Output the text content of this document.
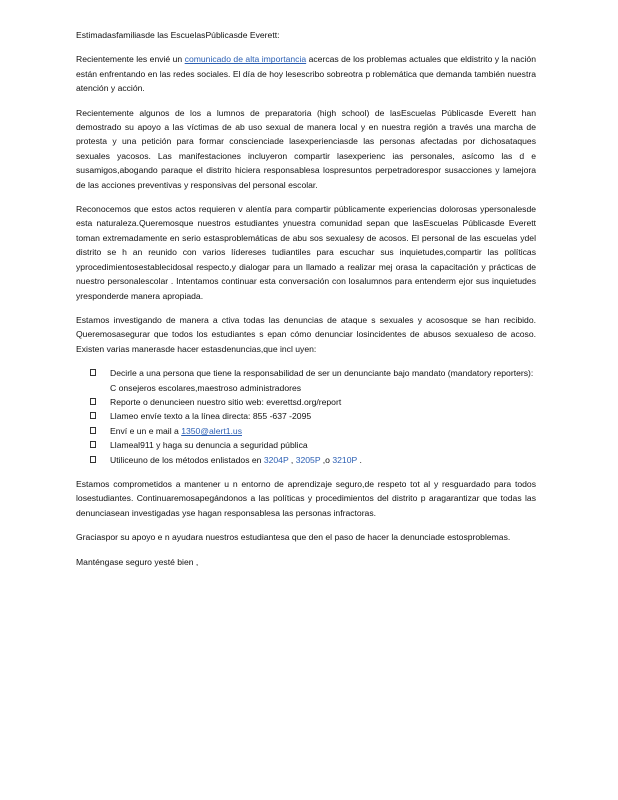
Estimadasfamiliasde las EscuelasPúblicasde Everett:

Recientemente les envié un comunicado de alta importancia acercas de los problemas actuales que eldistrito y la nación están enfrentando en las redes sociales. El día de hoy lesescribo sobreotra p roblemática que demanda también nuestra atención y acción.

Recientemente algunos de los a lumnos de preparatoria (high school) de lasEscuelas Públicasde Everett han demostrado su apoyo a las víctimas de ab uso sexual de manera local y en nuestra región a través una marcha de protesta y una petición para formar conscienciade lasexperienciasde las personas afectadas por dichosataques sexuales yacosos. Las manifestaciones incluyeron compartir lasexperienc ias personales, asícomo las d e susamigos,abogando paraque el distrito hiciera responsablesa lospresuntos perpetradorespor susacciones y lamejora de las acciones preventivas y responsivas del personal escolar.

Reconocemos que estos actos requieren v alentía para compartir públicamente experiencias dolorosas ypersonalesde esta naturaleza.Queremosque nuestros estudiantes ynuestra comunidad sepan que lasEscuelas Públicasde Everett toman extremadamente en serio estasproblemáticas de abu sos sexualesy de acosos. El personal de las escuelas ydel distrito se h an reunido con varios lídereses tudiantiles para escuchar sus inquietudes,compartir las políticas yprocedimientosestablecidosal respecto,y dialogar para un llamado a realizar mej orasa la capacitación y prácticas de nuestro personalescolar . Intentamos continuar esta conversación con losalumnos para entenderm ejor sus inquietudes yresponderde manera apropiada.

Estamos investigando de manera a ctiva todas las denuncias de ataque s sexuales y acososque se han recibido. Queremosasegurar que todos los estudiantes s epan cómo denunciar losincidentes de abusos sexualeso de acoso. Existen varias manerasde hacer estasdenuncias,que incl uyen:

Decirle a una persona que tiene la responsabilidad de ser un denunciante bajo mandato (mandatory reporters): C onsejeros escolares,maestroso administradores
Reporte o denuncieen nuestro sitio web: everettsd.org/report
Llameo envíe texto a la línea directa: 855 -637 -2095
Enví e un e mail a 1350@alert1.us
Llameal911 y haga su denuncia a seguridad pública
Utiliceuno de los métodos enlistados en 3204P , 3205P ,o 3210P .

Estamos comprometidos a mantener u n entorno de aprendizaje seguro,de respeto tot al y resguardado para todos losestudiantes. Continuaremosapegándonos a las políticas y procedimientos del distrito p aragarantizar que todas las denunciasean investigadas yse hagan responsablesa las personas infractoras.

Graciaspor su apoyo e n ayudara nuestros estudiantesa que den el paso de hacer la denunciade estosproblemas.

Manténgase seguro yesté bien ,
